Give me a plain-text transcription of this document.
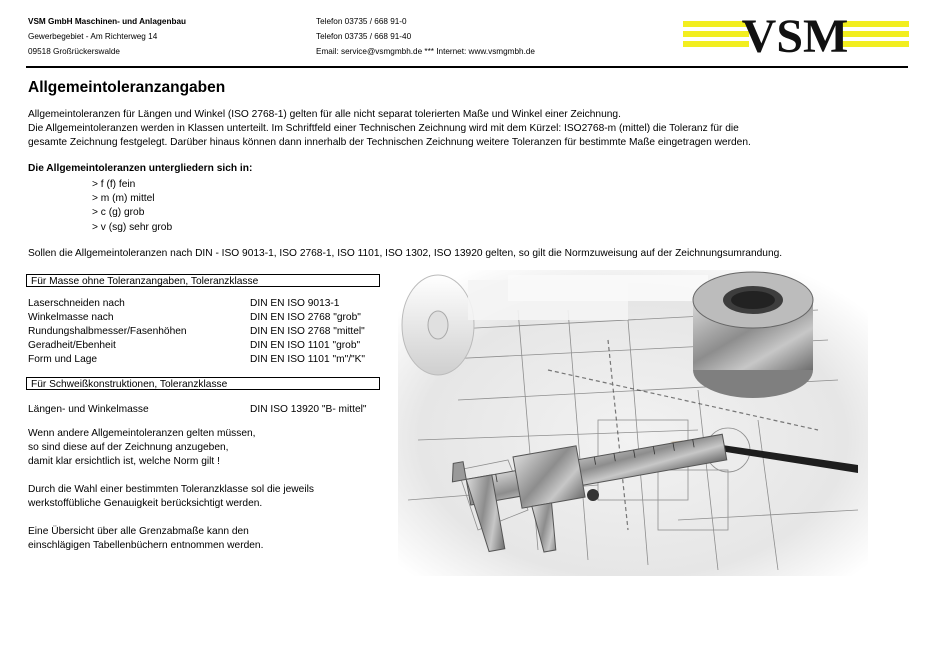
VSM GmbH Maschinen- und Anlagenbau
Gewerbegebiet - Am Richterweg 14
09518 Großrückerswalde
Telefon 03735 / 668 91-0
Telefon 03735 / 668 91-40
Email: service@vsmgmbh.de *** Internet: www.vsmgmbh.de	VSM
Allgemeintoleranzangaben
Allgemeintoleranzen für Längen und Winkel (ISO 2768-1) gelten für alle nicht separat tolerierten Maße und Winkel einer Zeichnung.
Die Allgemeintoleranzen werden in Klassen unterteilt. Im Schriftfeld einer Technischen Zeichnung wird mit dem Kürzel: ISO2768-m (mittel) die Toleranz für die
gesamte Zeichnung festgelegt. Darüber hinaus können dann innerhalb der Technischen Zeichnung weitere Toleranzen für bestimmte Maße eingetragen werden.
Die Allgemeintoleranzen untergliedern sich in:
> f (f) fein
> m (m) mittel
> c (g) grob
> v (sg) sehr grob
Sollen die Allgemeintoleranzen nach DIN - ISO 9013-1, ISO 2768-1, ISO 1101, ISO 1302, ISO 13920 gelten, so gilt die Normzuweisung auf der Zeichnungsumrandung.
Für Masse ohne Toleranzangaben, Toleranzklasse
Laserschneiden nach	DIN EN ISO 9013-1
Winkelmasse nach	DIN EN ISO 2768 "grob"
Rundungshalbmesser/Fasenhöhen	DIN EN ISO 2768 "mittel"
Geradheit/Ebenheit	DIN EN ISO 1101 "grob"
Form und Lage	DIN EN ISO 1101 "m"/"K"
Für Schweißkonstruktionen, Toleranzklasse
Längen- und Winkelmasse	DIN ISO 13920 "B- mittel"
Wenn andere Allgemeintoleranzen gelten müssen,
so sind diese auf der Zeichnung anzugeben,
damit klar ersichtlich ist, welche Norm gilt !
Durch die Wahl einer bestimmten Toleranzklasse sol die jeweils
werkstoffübliche Genauigkeit berücksichtigt werden.
Eine Übersicht über alle Grenzabmaße kann den
einschlägigen Tabellenbüchern entnommen werden.
